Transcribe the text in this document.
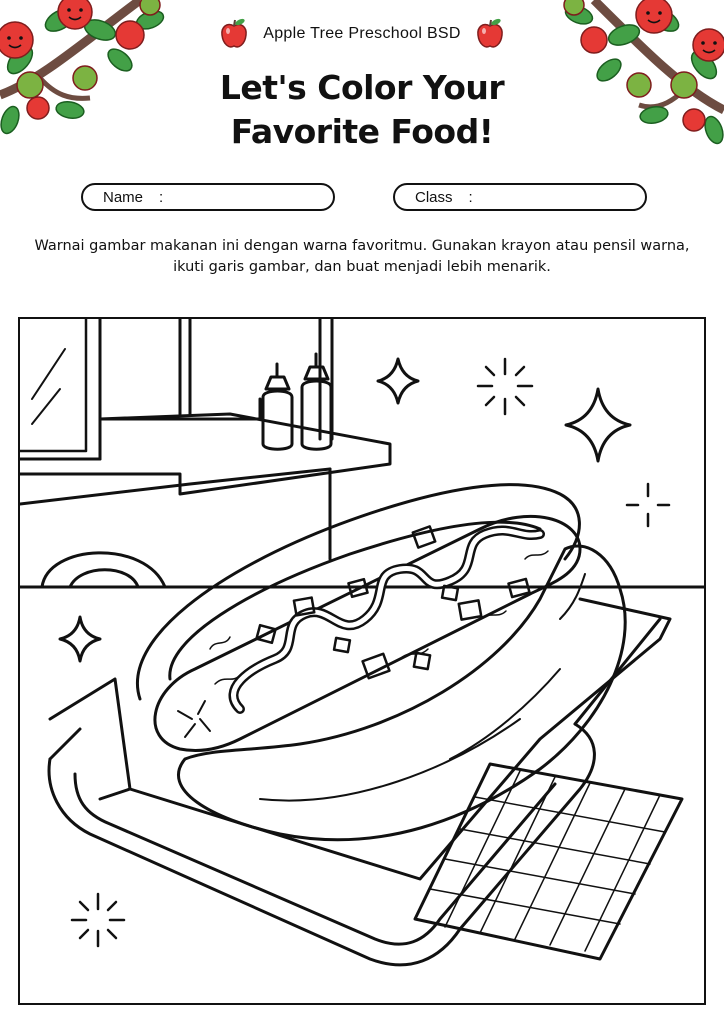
Apple Tree Preschool BSD
Let's Color Your
Favorite Food!
Name :	Class :
Warnai gambar makanan ini dengan warna favoritmu. Gunakan krayon atau pensil warna, ikuti garis gambar, dan buat menjadi lebih menarik.
